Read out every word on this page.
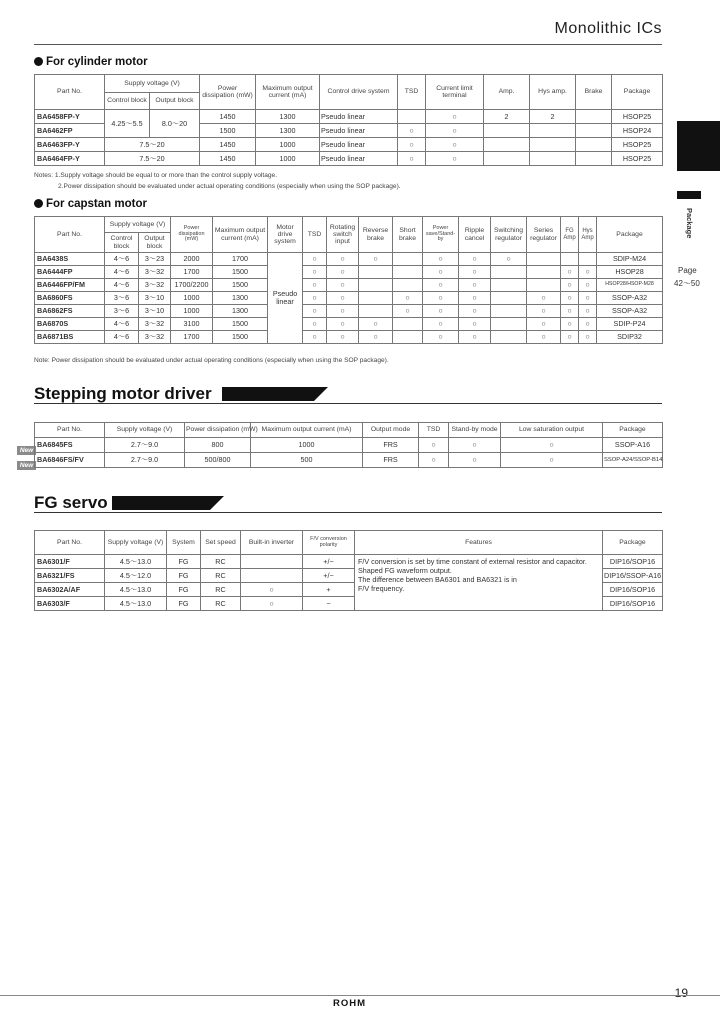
Monolithic ICs
Package
Page
42～50
For cylinder motor
Part No.	Supply voltage (V)		Power dissipation (mW)	Maximum output current (mA)	Control drive system	TSD	Current limit terminal	Amp.	Hys amp.	Brake	Package
	Control block	Output block									
BA6458FP-Y	4.25～5.5	8.0～20	1450	1300	Pseudo linear		○	2	2		HSOP25
BA6462FP			1500	1300	Pseudo linear	○	○				HSOP24
BA6463FP-Y	7.5～20		1450	1000	Pseudo linear	○	○				HSOP25
BA6464FP-Y	7.5～20		1450	1000	Pseudo linear	○	○				HSOP25
Notes: 1.Supply voltage should be equal to or more than the control supply voltage.
2.Power dissipation should be evaluated under actual operating conditions (especially when using the SOP package).
For capstan motor
Part No.	Supply voltage (V)		Power dissipation (mW)	Maximum output current (mA)	Motor drive system	TSD	Rotating switch input	Reverse brake	Short brake	Power save/Stand-by	Ripple cancel	Switching regulator	Series regulator	FG Amp	Hys Amp	Package
	Control block	Output block														
BA6438S	4～6	3～23	2000	1700	Pseudo linear	○	○	○		○	○	○				SDIP-M24
BA6444FP	4～6	3～32	1700	1500		○	○			○	○			○	○	HSOP28
BA6446FP/FM	4～6	3～32	1700/2200	1500		○	○			○	○			○	○	HSOP28/HSOP-M28
BA6860FS	3～6	3～10	1000	1300		○	○		○	○	○		○	○	○	SSOP-A32
BA6862FS	3～6	3～10	1000	1300		○	○		○	○	○		○	○	○	SSOP-A32
BA6870S	4～6	3～32	3100	1500		○	○	○		○	○		○	○	○	SDIP-P24
BA6871BS	4～6	3～32	1700	1500		○	○	○		○	○		○	○	○	SDIP32
Note: Power dissipation should be evaluated under actual operating conditions (especially when using the SOP package).
Stepping motor driver
New
New
Part No.	Supply voltage (V)	Power dissipation (mW)	Maximum output current (mA)	Output mode	TSD	Stand-by mode	Low saturation output	Package
BA6845FS	2.7～9.0	800	1000	FRS	○	○	○	SSOP-A16
BA6846FS/FV	2.7～9.0	500/800	500	FRS	○	○	○	SSOP-A24/SSOP-B14
FG servo
Part No.	Supply voltage (V)	System	Set speed	Built-in inverter	F/V conversion polarity	Features	Package
BA6301/F	4.5～13.0	FG	RC		+/−	F/V conversion is set by time constant of external resistor and capacitor.
Shaped FG waveform output.
The difference between BA6301 and BA6321 is in
F/V frequency.	DIP16/SOP16
BA6321/FS	4.5～12.0	FG	RC		+/−		DIP16/SSOP-A16
BA6302A/AF	4.5～13.0	FG	RC	○	+		DIP16/SOP16
BA6303/F	4.5～13.0	FG	RC	○	−		DIP16/SOP16
19
ROHM
